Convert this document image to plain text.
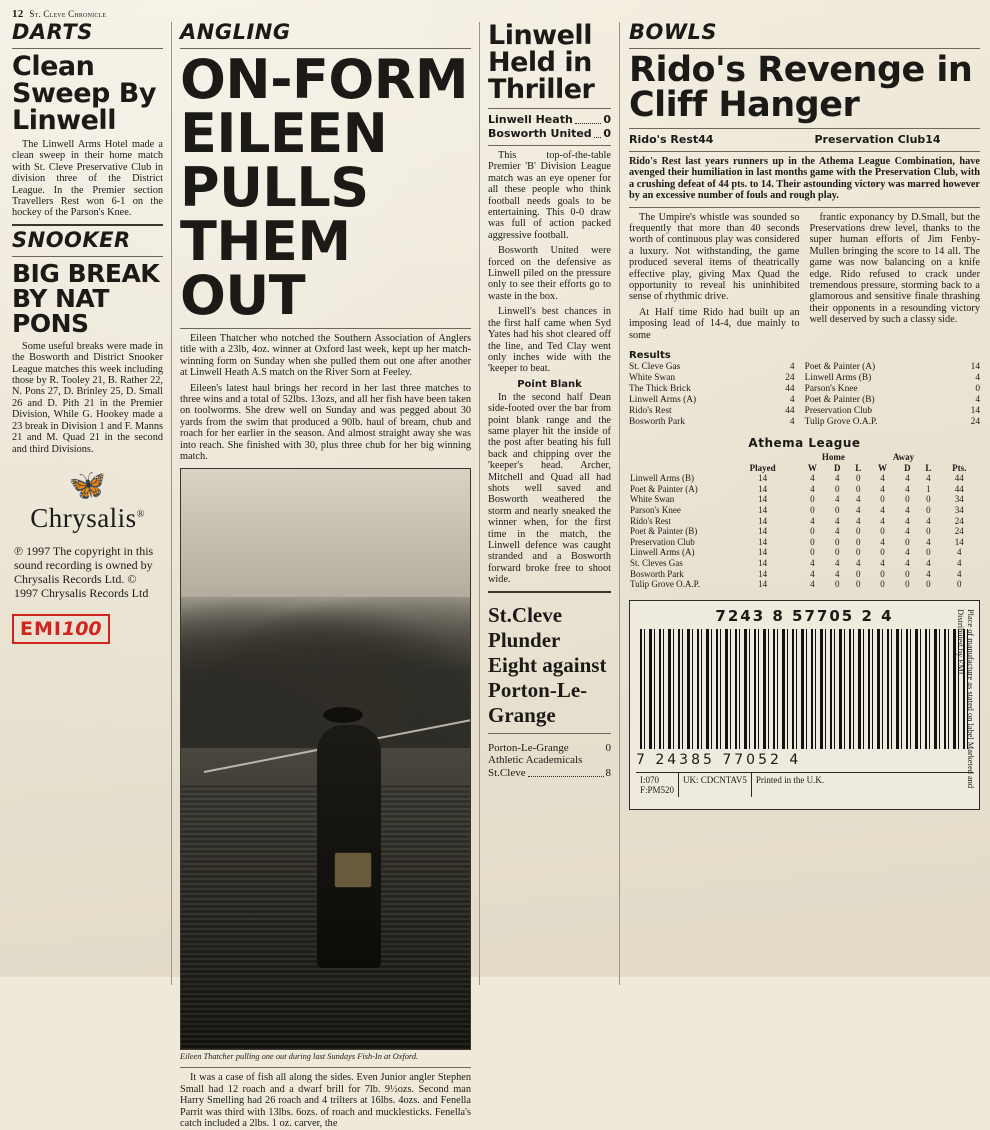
12 St. Cleve Chronicle
DARTS
Clean Sweep By Linwell

The Linwell Arms Hotel made a clean sweep in their home match with St. Cleve Preservative Club in division three of the District League. In the Premier section Travellers Rest won 6-1 on the hockey of the Parson's Knee.

SNOOKER
BIG BREAK BY NAT PONS

Some useful breaks were made in the Bosworth and District Snooker League matches this week including those by R. Tooley 21, B. Rather 22, N. Pons 27, D. Brinley 25, D. Small 26 and D. Pith 21 in the Premier Division, While G. Hookey made a 23 break in Division 1 and F. Manns 21 and M. Quad 21 in the second and third Divisions.

🦋
Chrysalis®
℗ 1997 The copyright in this sound recording is owned by Chrysalis Records Ltd. © 1997 Chrysalis Records Ltd
EMI100
ANGLING
ON-FORM EILEEN PULLS THEM OUT

Eileen Thatcher who notched the Southern Association of Anglers title with a 23lb, 4oz. winner at Oxford last week, kept up her match-winning form on Sunday when she pulled them out one after another at Linwell Heath A.S match on the River Sorn at Feeley.

Eileen's latest haul brings her record in her last three matches to three wins and a total of 52lbs. 13ozs, and all her fish have been taken on toolworms. She drew well on Sunday and was pegged about 30 yards from the swim that produced a 90lb. haul of bream, chub and roach for her earlier in the season. And almost straight away she was into reach. She finished with 30, plus three chub for her big winning match.

Eileen Thatcher pulling one out during last Sundays Fish-In at Oxford.

It was a case of fish all along the sides. Even Junior angler Stephen Small had 12 roach and a dwarf brill for 7lb. 9½ozs. Second man Harry Smelling had 26 roach and 4 trilters at 16lbs. 4ozs. and Fenella Parrit was third with 13lbs. 6ozs. of roach and mucklesticks. Fenella's catch included a 2lbs. 1 oz. carver, the

Linwell Held in Thriller
Linwell Heath	0
Bosworth United 0

This top-of-the-table Premier 'B' Division League match was an eye opener for all these people who think football needs goals to be entertaining. This 0-0 draw was full of action packed aggressive football.

Bosworth United were forced on the defensive as Linwell piled on the pressure only to see their efforts go to waste in the box.

Linwell's best chances in the first half came when Syd Yates had his shot cleared off the line, and Ted Clay went only inches wide with the 'keeper to beat.

Point Blank

In the second half Dean side-footed over the bar from point blank range and the same player hit the inside of the post after beating his full back and chipping over the 'keeper's head. Archer, Mitchell and Quad all had shots well saved and Bosworth weathered the storm and nearly sneaked the winner when, for the first time in the match, the Linwell defence was caught stranded and a Bosworth forward broke free to shoot wide.

St.Cleve Plunder Eight against Porton-Le-Grange
Porton-Le-Grange Athletic Academicals
0
St.Cleve	8
BOWLS
Rido's Revenge in Cliff Hanger
Rido's Rest 44	Preservation Club 14

Rido's Rest last years runners up in the Athema League Combination, have avenged their humiliation in last months game with the Preservation Club, with a crushing defeat of 44 pts. to 14. Their astounding victory was marred however by an excessive number of fouls and rough play.

The Umpire's whistle was sounded so frequently that more than 40 seconds worth of continuous play was considered a luxury. Not withstanding, the game produced several items of theatrically effective play, giving Max Quad the opportunity to reveal his uninhibited sense of rhythmic drive.

At Half time Rido had built up an imposing lead of 14-4, due mainly to some

frantic exponancy by D.Small, but the Preservations drew level, thanks to the super human efforts of Jim Fenby-Mullen bringing the score to 14 all. The game was now balancing on a knife edge. Rido refused to crack under tremendous pressure, storming back to a glamorous and sensitive finale thrashing their opponents in a resounding victory well deserved by such a classy side.

Results
St. Cleve Gas	4	Poet & Painter (A)	14
White Swan	24	Linwell Arms (B)	4
The Thick Brick	44	Parson's Knee	0
Linwell Arms (A)	4	Poet & Painter (B)	4
Rido's Rest	44	Preservation Club	14
Bosworth Park	4	Tulip Grove O.A.P.	24
Athema League
		Home			Away			
	Played	W	D	L	W	D	L	Pts.
Linwell Arms (B)	14	4	4	0	4	4	4	44
Poet & Painter (A)	14	4	0	0	4	4	1	44
White Swan	14	0	4	4	0	0	0	34
Parson's Knee	14	0	0	4	4	4	0	34
Rido's Rest	14	4	4	4	4	4	4	24
Poet & Painter (B)	14	0	4	0	0	4	0	24
Preservation Club	14	0	0	0	4	0	4	14
Linwell Arms (A)	14	0	0	0	0	4	0	4
St. Cleves Gas	14	4	4	4	4	4	4	4
Bosworth Park	14	4	4	0	0	0	4	4
Tulip Grove O.A.P.	14	4	0	0	0	0	0	0
7243 8 57705 2 4
7 24385 77052 4
I:070
F:PM520
UK: CDCNTAV5	Printed in the U.K.	Place of manufacture as stated on label Marketed and Distributed by EMI
